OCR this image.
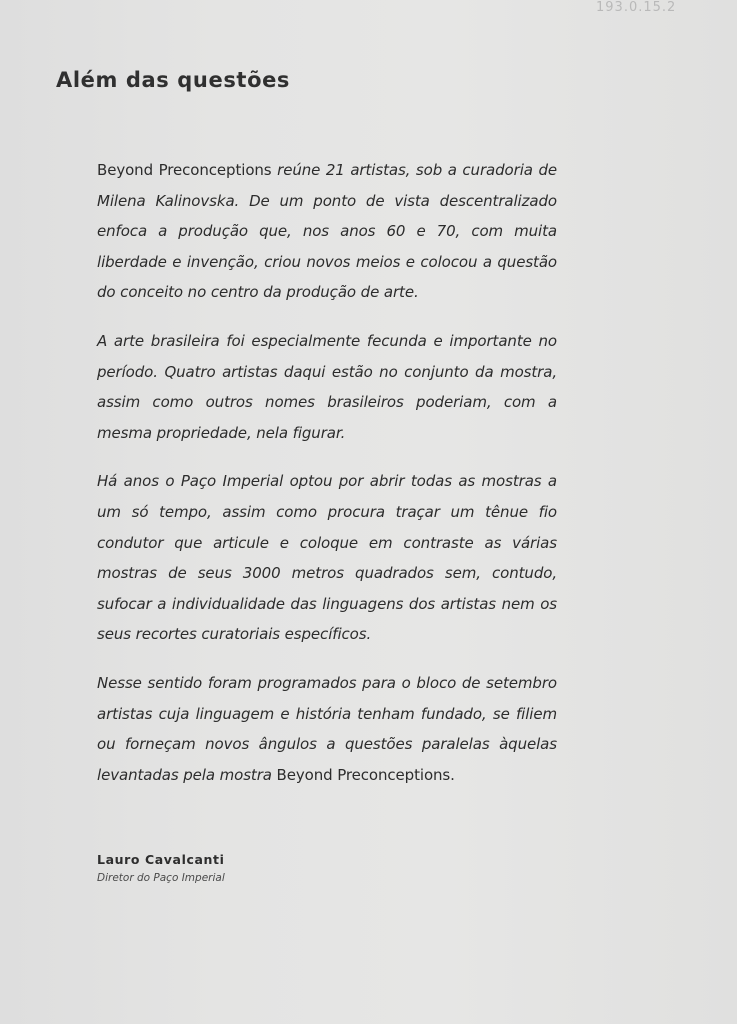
193.0.15.2
Além das questões

Beyond Preconceptions reúne 21 artistas, sob a curadoria de Milena Kalinovska. De um ponto de vista descentralizado enfoca a produção que, nos anos 60 e 70, com muita liberdade e invenção, criou novos meios e colocou a questão do conceito no centro da produção de arte.

A arte brasileira foi especialmente fecunda e importante no período. Quatro artistas daqui estão no conjunto da mostra, assim como outros nomes brasileiros poderiam, com a mesma propriedade, nela figurar.

Há anos o Paço Imperial optou por abrir todas as mostras a um só tempo, assim como procura traçar um tênue fio condutor que articule e coloque em contraste as várias mostras de seus 3000 metros quadrados sem, contudo, sufocar a individualidade das linguagens dos artistas nem os seus recortes curatoriais específicos.

Nesse sentido foram programados para o bloco de setembro artistas cuja linguagem e história tenham fundado, se filiem ou forneçam novos ângulos a questões paralelas àquelas levantadas pela mostra Beyond Preconceptions.

Lauro Cavalcanti
Diretor do Paço Imperial
